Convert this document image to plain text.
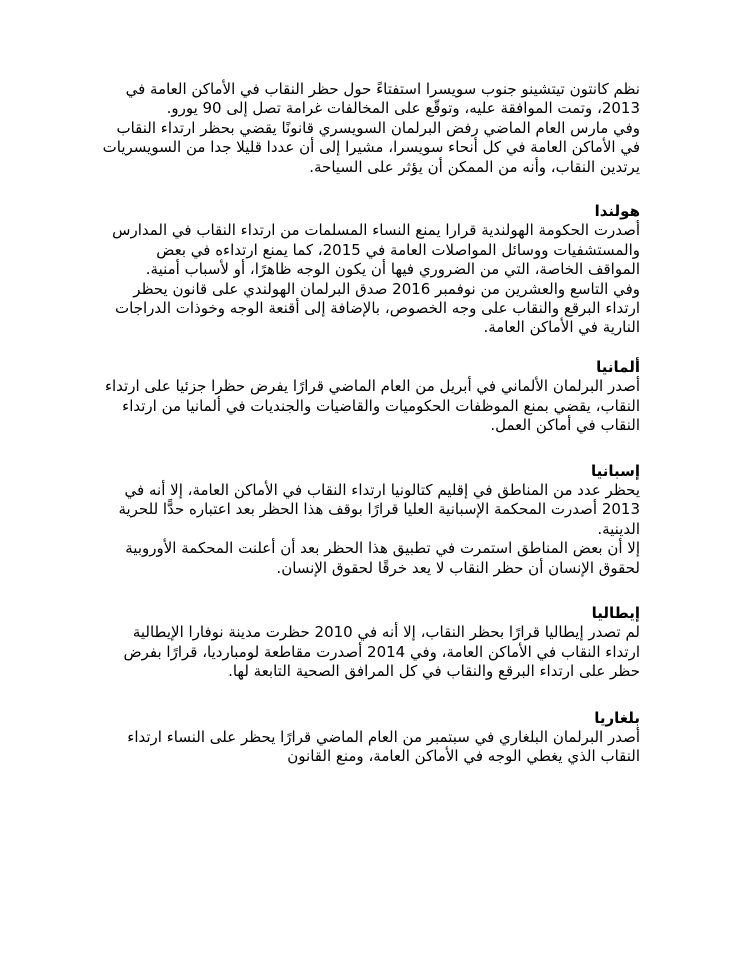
نظم كانتون تيتشينو جنوب سويسرا استفتاءً حول حظر النقاب في الأماكن العامة في 2013، وتمت الموافقة عليه، وتوقّع على المخالفات غرامة تصل إلى 90 يورو.

وفي مارس العام الماضي رفض البرلمان السويسري قانونًا يقضي بحظر ارتداء النقاب في الأماكن العامة في كل أنحاء سويسرا، مشيرا إلى أن عددا قليلا جدا من السويسريات يرتدين النقاب، وأنه من الممكن أن يؤثر على السياحة.

هولندا

أصدرت الحكومة الهولندية قرارا يمنع النساء المسلمات من ارتداء النقاب في المدارس والمستشفيات ووسائل المواصلات العامة في 2015، كما يمنع ارتداءه في بعض المواقف الخاصة، التي من الضروري فيها أن يكون الوجه ظاهرًا، أو لأسباب أمنية.

وفي التاسع والعشرين من نوفمبر 2016 صدق البرلمان الهولندي على قانون يحظر ارتداء البرقع والنقاب على وجه الخصوص، بالإضافة إلى أقنعة الوجه وخوذات الدراجات النارية في الأماكن العامة.

ألمانيا

أصدر البرلمان الألماني في أبريل من العام الماضي قرارًا يفرض حظرا جزئيا على ارتداء النقاب، يقضي بمنع الموظفات الحكوميات والقاضيات والجنديات في ألمانيا من ارتداء النقاب في أماكن العمل.

إسبانيا

يحظر عدد من المناطق في إقليم كتالونيا ارتداء النقاب في الأماكن العامة، إلا أنه في 2013 أصدرت المحكمة الإسبانية العليا قرارًا بوقف هذا الحظر بعد اعتباره حدًّا للحرية الدينية.

إلا أن بعض المناطق استمرت في تطبيق هذا الحظر بعد أن أعلنت المحكمة الأوروبية لحقوق الإنسان أن حظر النقاب لا يعد خرقًا لحقوق الإنسان.

إيطاليا

لم تصدر إيطاليا قرارًا بحظر النقاب، إلا أنه في 2010 حظرت مدينة نوفارا الإيطالية ارتداء النقاب في الأماكن العامة، وفي 2014 أصدرت مقاطعة لومباردیا، قرارًا بفرض حظر على ارتداء البرقع والنقاب في كل المرافق الصحية التابعة لها.

بلغاريا

أصدر البرلمان البلغاري في سبتمبر من العام الماضي قرارًا يحظر على النساء ارتداء النقاب الذي يغطي الوجه في الأماكن العامة، ومنع القانون
